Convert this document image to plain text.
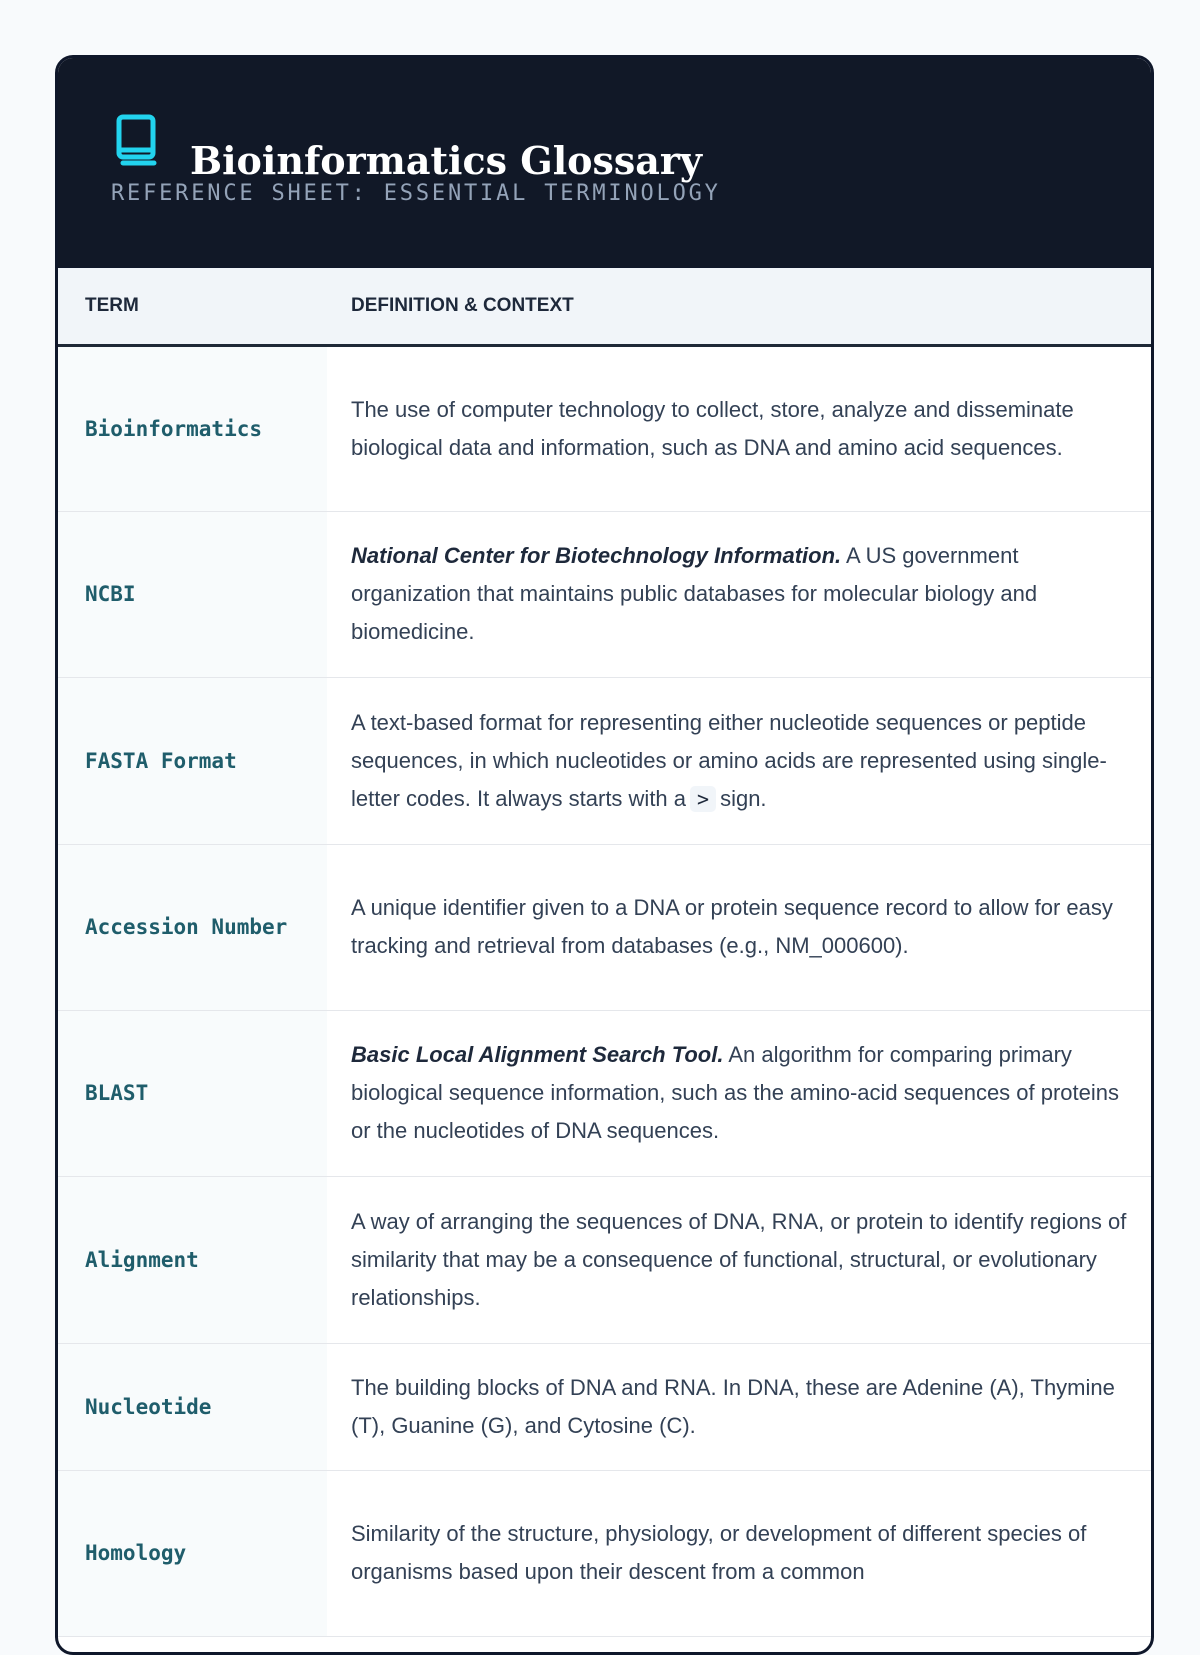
Bioinformatics Glossary
REFERENCE SHEET: ESSENTIAL TERMINOLOGY
TERM	DEFINITION & CONTEXT
Bioinformatics	The use of computer technology to collect, store, analyze and disseminate biological data and information, such as DNA and amino acid sequences.
NCBI	National Center for Biotechnology Information. A US government organization that maintains public databases for molecular biology and biomedicine.
FASTA Format	A text-based format for representing either nucleotide sequences or peptide sequences, in which nucleotides or amino acids are represented using single-letter codes. It always starts with a > sign.
Accession Number	A unique identifier given to a DNA or protein sequence record to allow for easy tracking and retrieval from databases (e.g., NM_000600).
BLAST	Basic Local Alignment Search Tool. An algorithm for comparing primary biological sequence information, such as the amino-acid sequences of proteins or the nucleotides of DNA sequences.
Alignment	A way of arranging the sequences of DNA, RNA, or protein to identify regions of similarity that may be a consequence of functional, structural, or evolutionary relationships.
Nucleotide	The building blocks of DNA and RNA. In DNA, these are Adenine (A), Thymine (T), Guanine (G), and Cytosine (C).
Homology	Similarity of the structure, physiology, or development of different species of organisms based upon their descent from a common
